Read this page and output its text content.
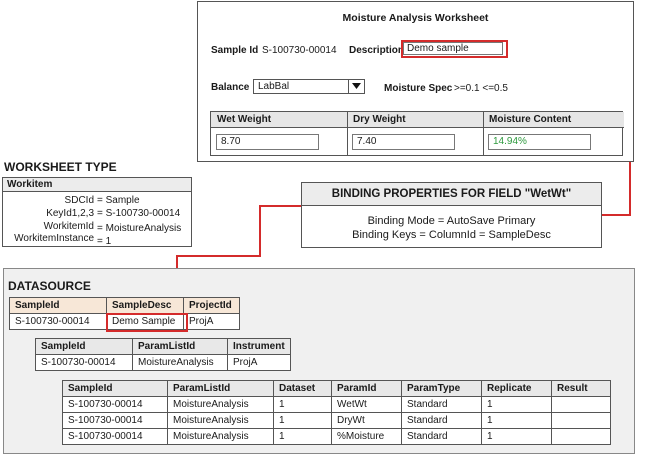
Moisture Analysis Worksheet
Sample Id S-100730-00014 Description Demo sample
Balance LabBal	Moisture Spec >=0.1 <=0.5
Wet Weight	Dry Weight	Moisture Content
8.70	7.40	14.94%
WORKSHEET TYPE
Workitem
SDCId = Sample
KeyId1,2,3 = S-100730-00014
WorkitemId = MoistureAnalysis
WorkitemInstance = 1
BINDING PROPERTIES FOR FIELD "WetWt"
Binding Mode = AutoSave Primary
Binding Keys = ColumnId = SampleDesc
DATASOURCE
SampleId	SampleDesc	ProjectId
S-100730-00014	Demo Sample	ProjA
SampleId	ParamListId	Instrument
S-100730-00014	MoistureAnalysis	ProjA
SampleId	ParamListId	Dataset	ParamId	ParamType	Replicate	Result
S-100730-00014	MoistureAnalysis	1	WetWt	Standard	1	
S-100730-00014	MoistureAnalysis	1	DryWt	Standard	1	
S-100730-00014	MoistureAnalysis	1	%Moisture	Standard	1	
